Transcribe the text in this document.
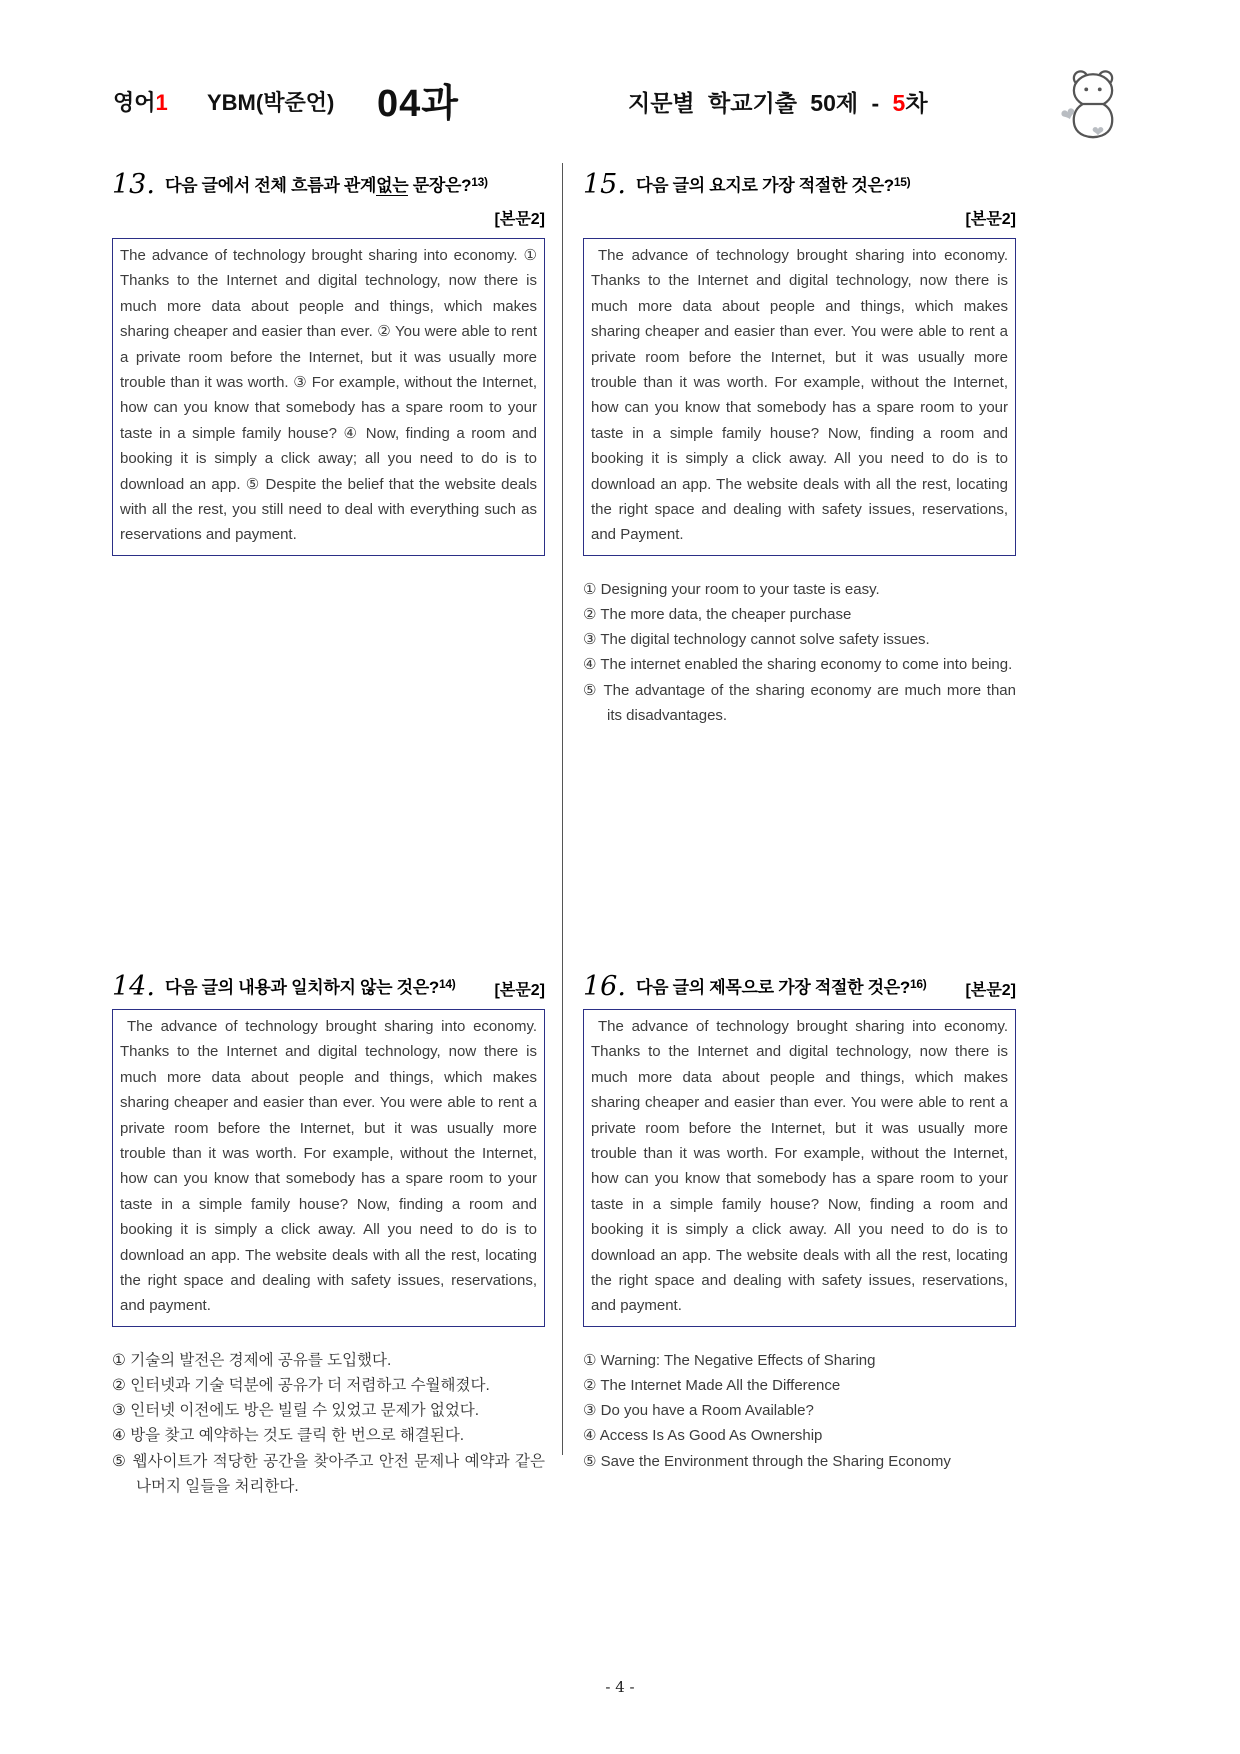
영어1 YBM(박준언) 04과	지문별 학교기출 50제 - 5차	❤
❤
13. 다음 글에서 전체 흐름과 관계없는 문장은?$^{13)}$
[본문2]
The advance of technology brought sharing into economy. ① Thanks to the Internet and digital technology, now there is much more data about people and things, which makes sharing cheaper and easier than ever. ② You were able to rent a private room before the Internet, but it was usually more trouble than it was worth. ③ For example, without the Internet, how can you know that somebody has a spare room to your taste in a simple family house? ④ Now, finding a room and booking it is simply a click away; all you need to do is to download an app. ⑤ Despite the belief that the website deals with all the rest, you still need to deal with everything such as reservations and payment.
15. 다음 글의 요지로 가장 적절한 것은?$^{15)}$
[본문2]
The advance of technology brought sharing into economy. Thanks to the Internet and digital technology, now there is much more data about people and things, which makes sharing cheaper and easier than ever. You were able to rent a private room before the Internet, but it was usually more trouble than it was worth. For example, without the Internet, how can you know that somebody has a spare room to your taste in a simple family house? Now, finding a room and booking it is simply a click away. All you need to do is to download an app. The website deals with all the rest, locating the right space and dealing with safety issues, reservations, and Payment.
① Designing your room to your taste is easy.
② The more data, the cheaper purchase
③ The digital technology cannot solve safety issues.
④ The internet enabled the sharing economy to come into being.
⑤ The advantage of the sharing economy are much more than its disadvantages.
14. 다음 글의 내용과 일치하지 않는 것은?$^{14)}$	[본문2]
The advance of technology brought sharing into economy. Thanks to the Internet and digital technology, now there is much more data about people and things, which makes sharing cheaper and easier than ever. You were able to rent a private room before the Internet, but it was usually more trouble than it was worth. For example, without the Internet, how can you know that somebody has a spare room to your taste in a simple family house? Now, finding a room and booking it is simply a click away. All you need to do is to download an app. The website deals with all the rest, locating the right space and dealing with safety issues, reservations, and payment.
① 기술의 발전은 경제에 공유를 도입했다.
② 인터넷과 기술 덕분에 공유가 더 저렴하고 수월해졌다.
③ 인터넷 이전에도 방은 빌릴 수 있었고 문제가 없었다.
④ 방을 찾고 예약하는 것도 클릭 한 번으로 해결된다.
⑤ 웹사이트가 적당한 공간을 찾아주고 안전 문제나 예약과 같은 나머지 일들을 처리한다.
16. 다음 글의 제목으로 가장 적절한 것은?$^{16)}$	[본문2]
The advance of technology brought sharing into economy. Thanks to the Internet and digital technology, now there is much more data about people and things, which makes sharing cheaper and easier than ever. You were able to rent a private room before the Internet, but it was usually more trouble than it was worth. For example, without the Internet, how can you know that somebody has a spare room to your taste in a simple family house? Now, finding a room and booking it is simply a click away. All you need to do is to download an app. The website deals with all the rest, locating the right space and dealing with safety issues, reservations, and payment.
① Warning: The Negative Effects of Sharing
② The Internet Made All the Difference
③ Do you have a Room Available?
④ Access Is As Good As Ownership
⑤ Save the Environment through the Sharing Economy
- 4 -
